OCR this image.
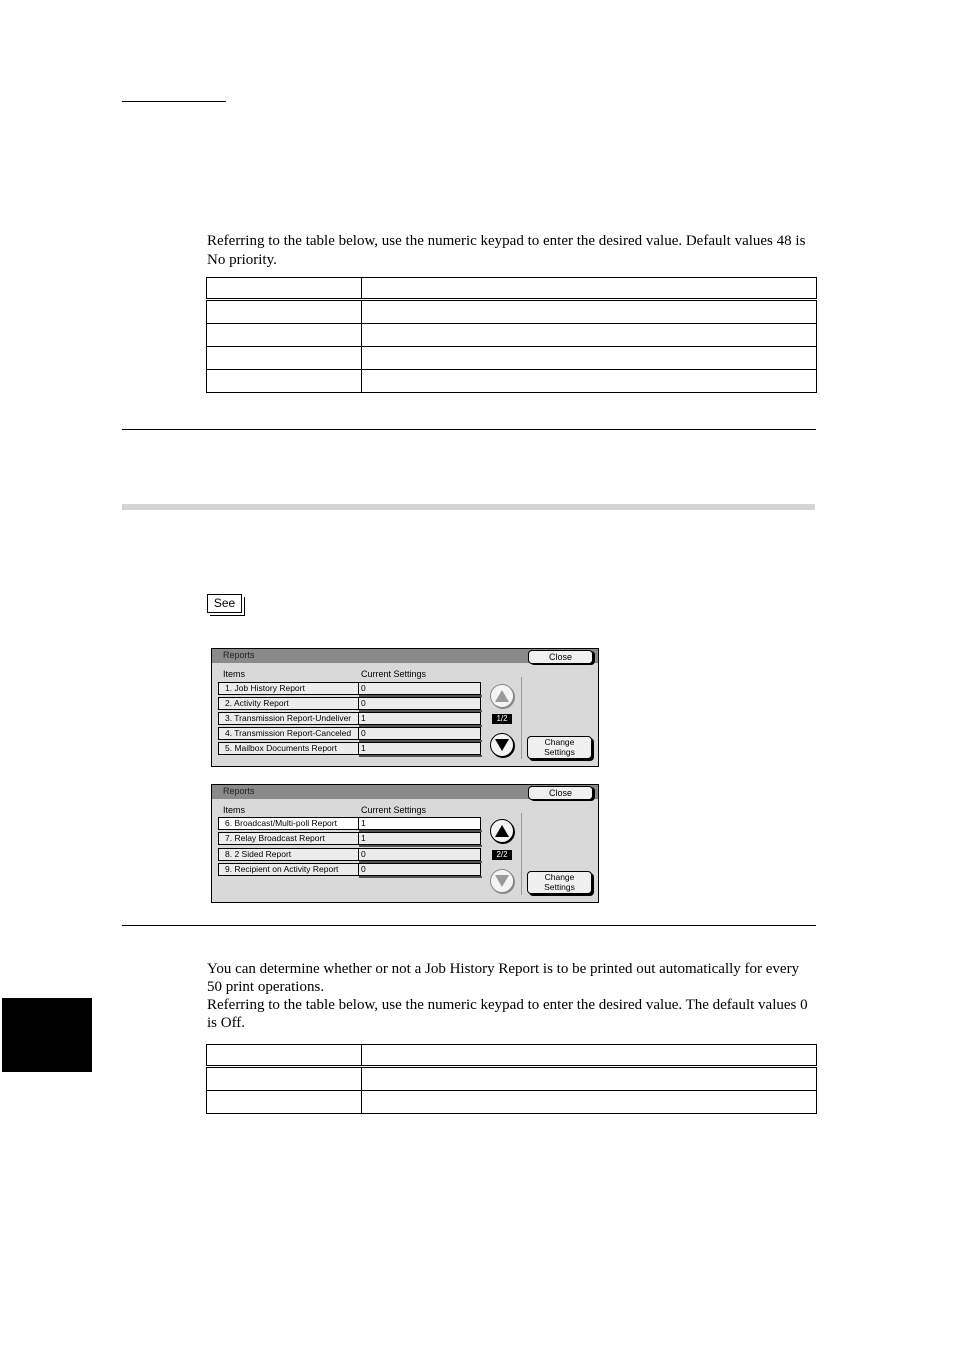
Referring to the table below, use the numeric keypad to enter the desired value. Default values 48 is No priority.

See
Reports	Close
Items	Current Settings
1. Job History Report	0
2. Activity Report	0
3. Transmission Report-Undeliver	1
4. Transmission Report-Canceled	0
5. Mailbox Documents Report	1
1/2
Change
Settings
Reports	Close
Items	Current Settings
6. Broadcast/Multi-poll Report	1
7. Relay Broadcast Report	1
8. 2 Sided Report	0
9. Recipient on Activity Report	0
2/2
Change
Settings
You can determine whether or not a Job History Report is to be printed out automatically for every 50 print operations.
Referring to the table below, use the numeric keypad to enter the desired value. The default values 0 is Off.
